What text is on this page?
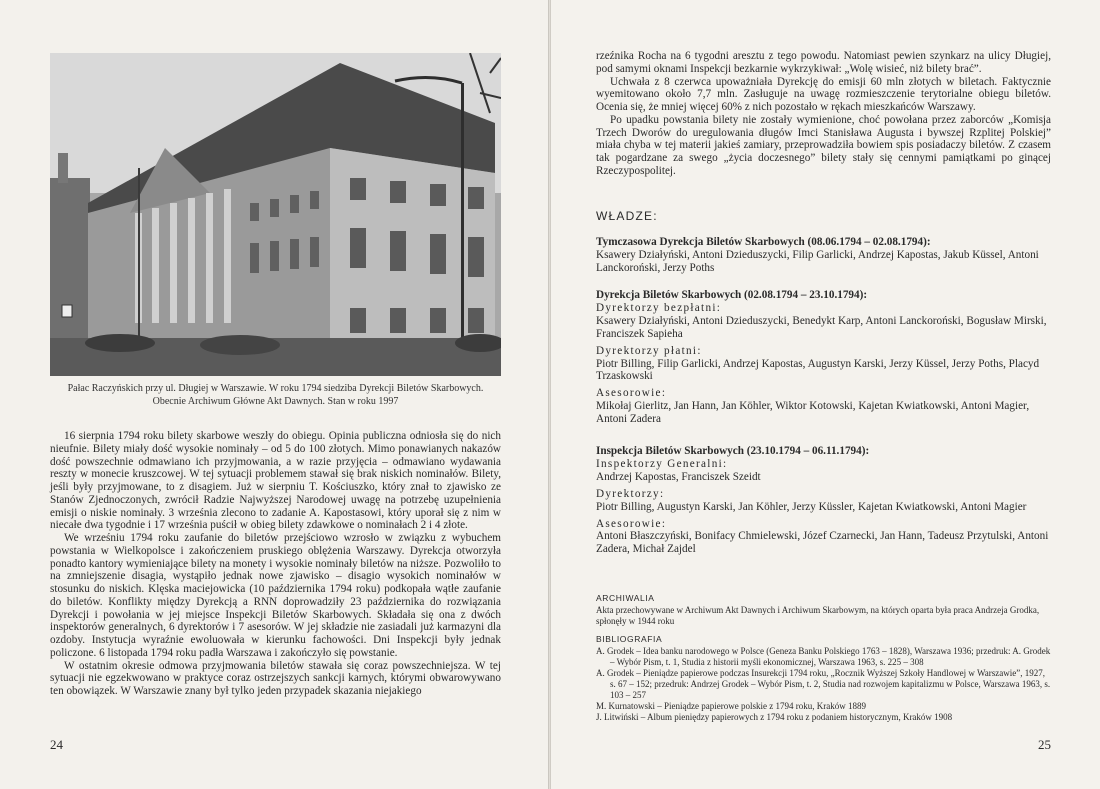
Pałac Raczyńskich przy ul. Długiej w Warszawie. W roku 1794 siedziba Dyrekcji Biletów Skarbowych.
Obecnie Archiwum Główne Akt Dawnych. Stan w roku 1997

16 sierpnia 1794 roku bilety skarbowe weszły do obiegu. Opinia publiczna odniosła się do nich nieufnie. Bilety miały dość wysokie nominały – od 5 do 100 złotych. Mimo ponawianych nakazów dość powszechnie odmawiano ich przyjmowania, a w razie przyjęcia – odmawiano wydawania reszty w monecie kruszcowej. W tej sytuacji problemem stawał się brak niskich nominałów. Bilety, jeśli były przyjmowane, to z disagiem. Już w sierpniu T. Kościuszko, który znał to zjawisko ze Stanów Zjednoczonych, zwrócił Radzie Najwyższej Narodowej uwagę na potrzebę uzupełnienia emisji o niskie nominały. 3 września zlecono to zadanie A. Kapostasowi, który uporał się z nim w niecałe dwa tygodnie i 17 września puścił w obieg bilety zdawkowe o nominałach 2 i 4 złote.

We wrześniu 1794 roku zaufanie do biletów przejściowo wzrosło w związku z wybuchem powstania w Wielkopolsce i zakończeniem pruskiego oblężenia Warszawy. Dyrekcja otworzyła ponadto kantory wymieniające bilety na monety i wysokie nominały biletów na niższe. Pozwoliło to na zmniejszenie disagia, wystąpiło jednak nowe zjawisko – disagio wysokich nominałów w stosunku do niskich. Klęska maciejowicka (10 października 1794 roku) podkopała wątłe zaufanie do biletów. Konflikty między Dyrekcją a RNN doprowadziły 23 października do rozwiązania Dyrekcji i powołania w jej miejsce Inspekcji Biletów Skarbowych. Składała się ona z dwóch inspektorów generalnych, 6 dyrektorów i 7 asesorów. W jej składzie nie zasiadali już karmazyni dla ozdoby. Instytucja wyraźnie ewoluowała w kierunku fachowości. Dni Inspekcji były jednak policzone. 6 listopada 1794 roku padła Warszawa i zakończyło się powstanie.

W ostatnim okresie odmowa przyjmowania biletów stawała się coraz powszechniejsza. W tej sytuacji nie egzekwowano w praktyce coraz ostrzejszych sankcji karnych, którymi obwarowywano ten obowiązek. W Warszawie znany był tylko jeden przypadek skazania niejakiego

24

rzeźnika Rocha na 6 tygodni aresztu z tego powodu. Natomiast pewien szynkarz na ulicy Długiej, pod samymi oknami Inspekcji bezkarnie wykrzykiwał: „Wolę wisieć, niż bilety brać”.

Uchwała z 8 czerwca upoważniała Dyrekcję do emisji 60 mln złotych w biletach. Faktycznie wyemitowano około 7,7 mln. Zasługuje na uwagę rozmieszczenie terytorialne obiegu biletów. Ocenia się, że mniej więcej 60% z nich pozostało w rękach mieszkańców Warszawy.

Po upadku powstania bilety nie zostały wymienione, choć powołana przez zaborców „Komisja Trzech Dworów do uregulowania długów Imci Stanisława Augusta i bywszej Rzplitej Polskiej” miała chyba w tej materii jakieś zamiary, przeprowadziła bowiem spis posiadaczy biletów. Z czasem tak pogardzane za swego „życia doczesnego” bilety stały się cennymi pamiątkami po ginącej Rzeczypospolitej.

WŁADZE:
Tymczasowa Dyrekcja Biletów Skarbowych (08.06.1794 – 02.08.1794):
Ksawery Działyński, Antoni Dzieduszycki, Filip Garlicki, Andrzej Kapostas, Jakub Küssel, Antoni Lanckoroński, Jerzy Poths
Dyrekcja Biletów Skarbowych (02.08.1794 – 23.10.1794):
Dyrektorzy bezpłatni:
Ksawery Działyński, Antoni Dzieduszycki, Benedykt Karp, Antoni Lanckoroński, Bogusław Mirski, Franciszek Sapieha
Dyrektorzy płatni:
Piotr Billing, Filip Garlicki, Andrzej Kapostas, Augustyn Karski, Jerzy Küssel, Jerzy Poths, Placyd Trzaskowski
Asesorowie:
Mikołaj Gierlitz, Jan Hann, Jan Köhler, Wiktor Kotowski, Kajetan Kwiatkowski, Antoni Magier, Antoni Zadera
Inspekcja Biletów Skarbowych (23.10.1794 – 06.11.1794):
Inspektorzy Generalni:
Andrzej Kapostas, Franciszek Szeidt
Dyrektorzy:
Piotr Billing, Augustyn Karski, Jan Köhler, Jerzy Küssler, Kajetan Kwiatkowski, Antoni Magier
Asesorowie:
Antoni Błaszczyński, Bonifacy Chmielewski, Józef Czarnecki, Jan Hann, Tadeusz Przytulski, Antoni Zadera, Michał Zajdel
ARCHIWALIA
Akta przechowywane w Archiwum Akt Dawnych i Archiwum Skarbowym, na których oparta była praca Andrzeja Grodka, spłonęły w 1944 roku
BIBLIOGRAFIA
A. Grodek – Idea banku narodowego w Polsce (Geneza Banku Polskiego 1763 – 1828), Warszawa 1936; przedruk: A. Grodek – Wybór Pism, t. 1, Studia z historii myśli ekonomicznej, Warszawa 1963, s. 225 – 308
A. Grodek – Pieniądze papierowe podczas Insurekcji 1794 roku, „Rocznik Wyższej Szkoły Handlowej w Warszawie”, 1927, s. 67 – 152; przedruk: Andrzej Grodek – Wybór Pism, t. 2, Studia nad rozwojem kapitalizmu w Polsce, Warszawa 1963, s. 103 – 257
M. Kurnatowski – Pieniądze papierowe polskie z 1794 roku, Kraków 1889
J. Litwiński – Album pieniędzy papierowych z 1794 roku z podaniem historycznym, Kraków 1908
25
